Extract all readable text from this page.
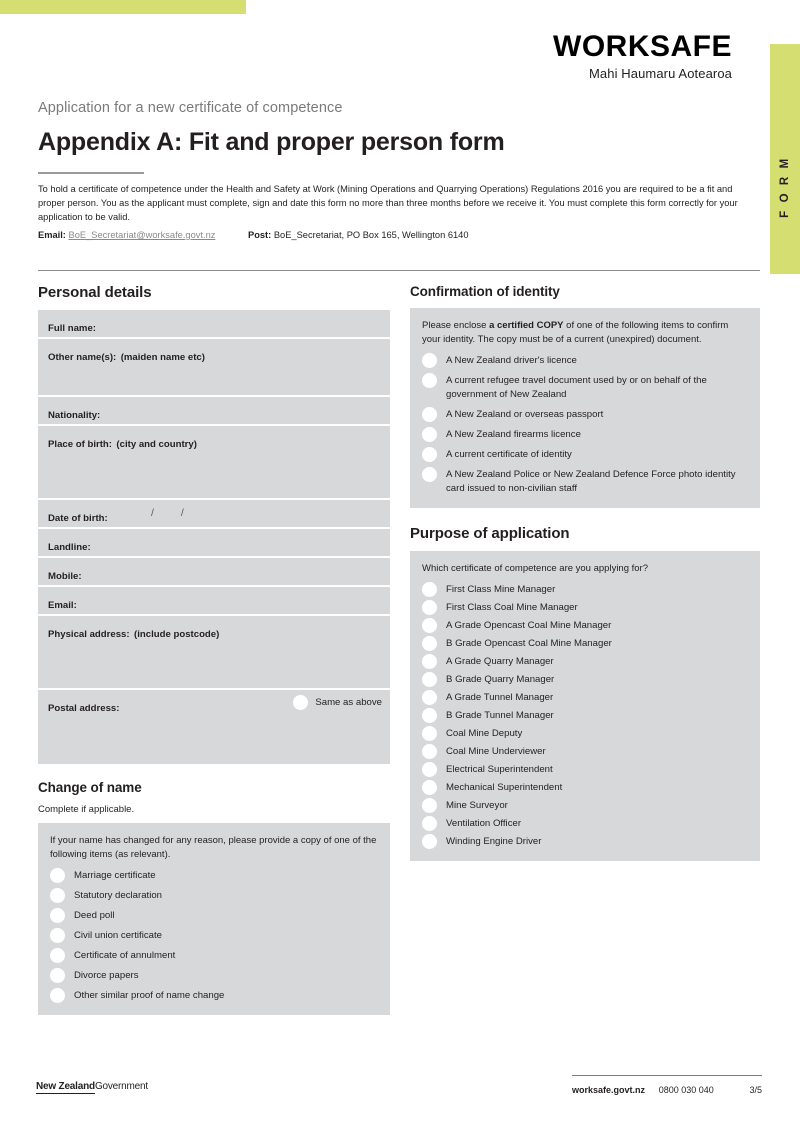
F O R M
WORKSAFE
Mahi Haumaru Aotearoa
Application for a new certificate of competence
Appendix A: Fit and proper person form
To hold a certificate of competence under the Health and Safety at Work (Mining Operations and Quarrying Operations) Regulations 2016 you are required to be a fit and proper person. You as the applicant must complete, sign and date this form no more than three months before we receive it. You must complete this form correctly for your application to be valid.
Email: BoE_Secretariat@worksafe.govt.nz	Post: BoE_Secretariat, PO Box 165, Wellington 6140
Personal details
Full name:
Other name(s): (maiden name etc)
Nationality:
Place of birth: (city and country)
Date of birth:	/ /
Landline:
Mobile:
Email:
Physical address: (include postcode)
Postal address:
Same as above
Change of name
Complete if applicable.
If your name has changed for any reason, please provide a copy of one of the following items (as relevant).
Marriage certificate
Statutory declaration
Deed poll
Civil union certificate
Certificate of annulment
Divorce papers
Other similar proof of name change
Confirmation of identity
Please enclose a certified COPY of one of the following items to confirm your identity. The copy must be of a current (unexpired) document.
A New Zealand driver's licence
A current refugee travel document used by or on behalf of the government of New Zealand
A New Zealand or overseas passport
A New Zealand firearms licence
A current certificate of identity
A New Zealand Police or New Zealand Defence Force photo identity card issued to non-civilian staff
Purpose of application
Which certificate of competence are you applying for?
First Class Mine Manager
First Class Coal Mine Manager
A Grade Opencast Coal Mine Manager
B Grade Opencast Coal Mine Manager
A Grade Quarry Manager
B Grade Quarry Manager
A Grade Tunnel Manager
B Grade Tunnel Manager
Coal Mine Deputy
Coal Mine Underviewer
Electrical Superintendent
Mechanical Superintendent
Mine Surveyor
Ventilation Officer
Winding Engine Driver
New ZealandGovernment	worksafe.govt.nz 0800 030 040	3/5
